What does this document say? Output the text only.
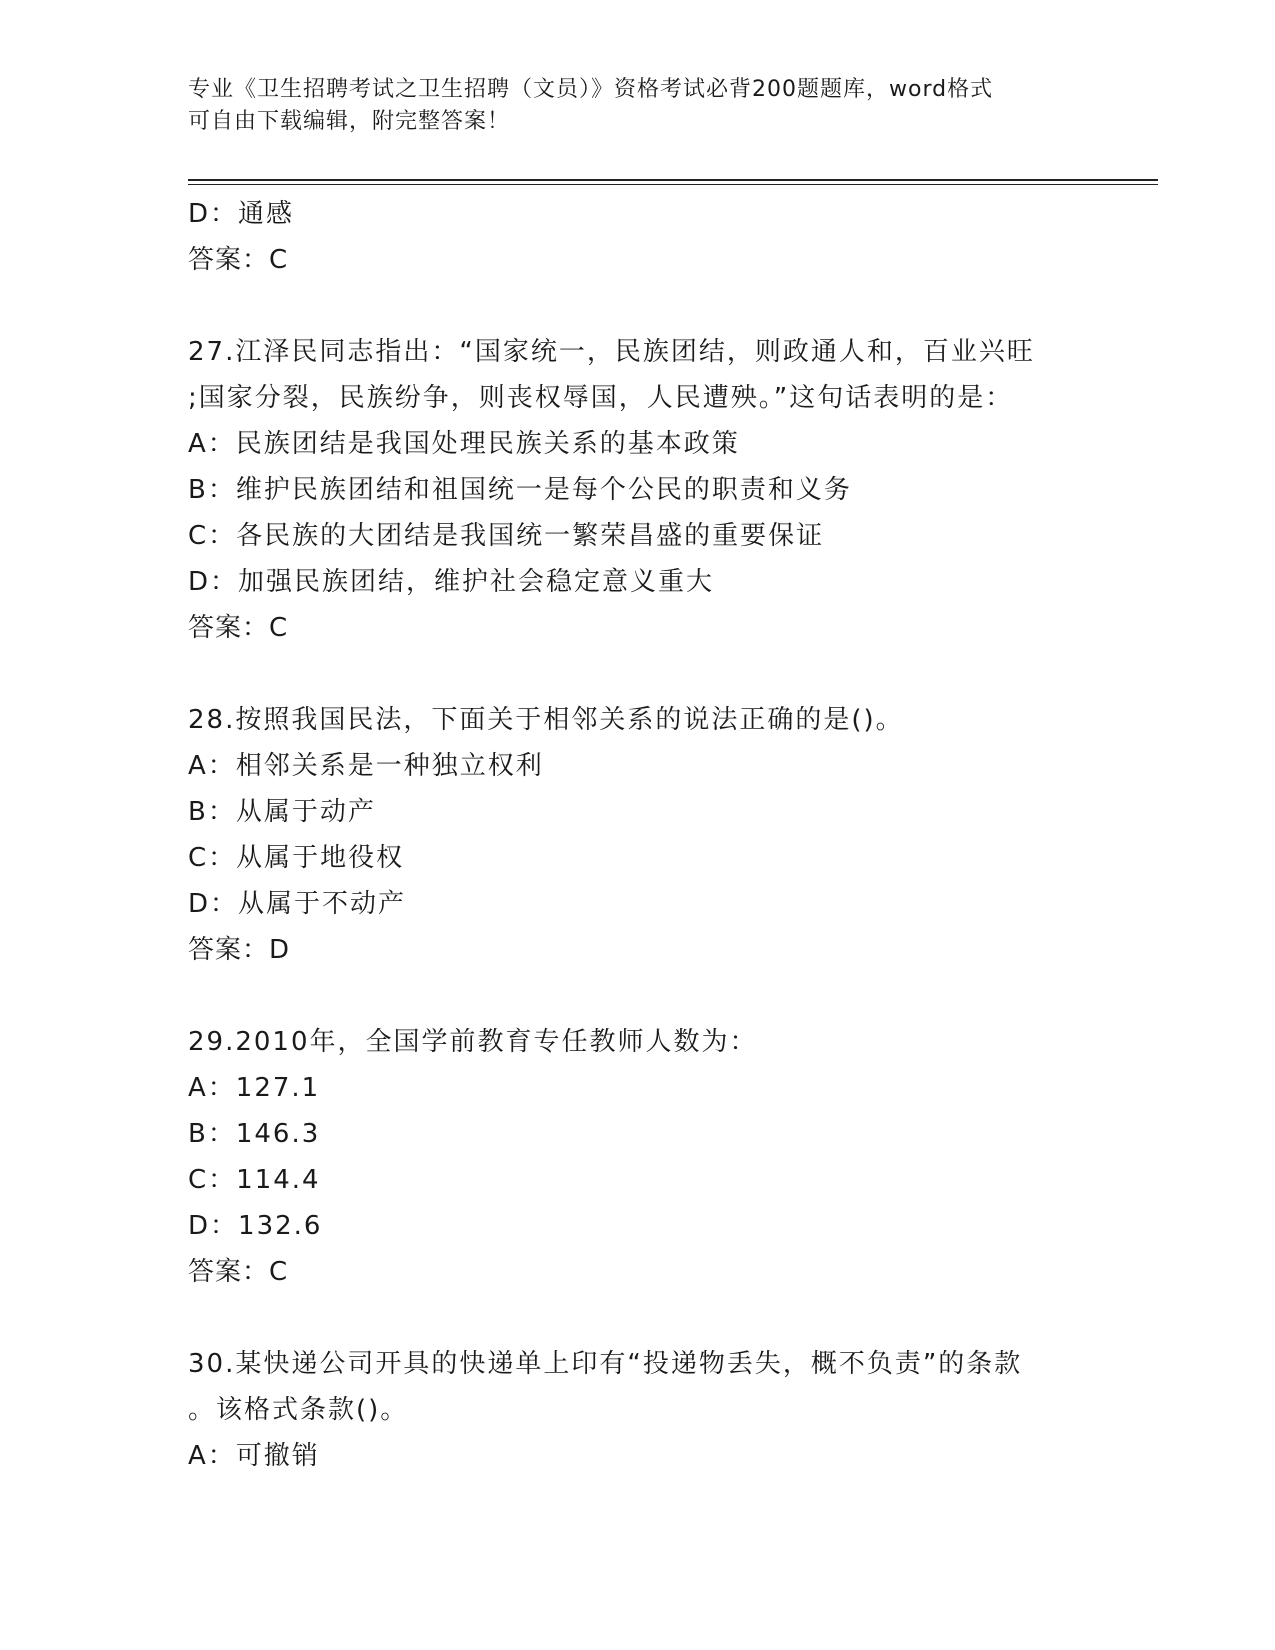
专业《卫生招聘考试之卫生招聘（文员）》资格考试必背200题题库，word格式
可自由下载编辑，附完整答案！
D：通感
答案：C
27.江泽民同志指出：“国家统一，民族团结，则政通人和，百业兴旺
;国家分裂，民族纷争，则丧权辱国，人民遭殃。”这句话表明的是：
A：民族团结是我国处理民族关系的基本政策
B：维护民族团结和祖国统一是每个公民的职责和义务
C：各民族的大团结是我国统一繁荣昌盛的重要保证
D：加强民族团结，维护社会稳定意义重大
答案：C
28.按照我国民法，下面关于相邻关系的说法正确的是()。
A：相邻关系是一种独立权利
B：从属于动产
C：从属于地役权
D：从属于不动产
答案：D
29.2010年，全国学前教育专任教师人数为：
A：127.1
B：146.3
C：114.4
D：132.6
答案：C
30.某快递公司开具的快递单上印有“投递物丢失，概不负责”的条款
。该格式条款()。
A：可撤销
